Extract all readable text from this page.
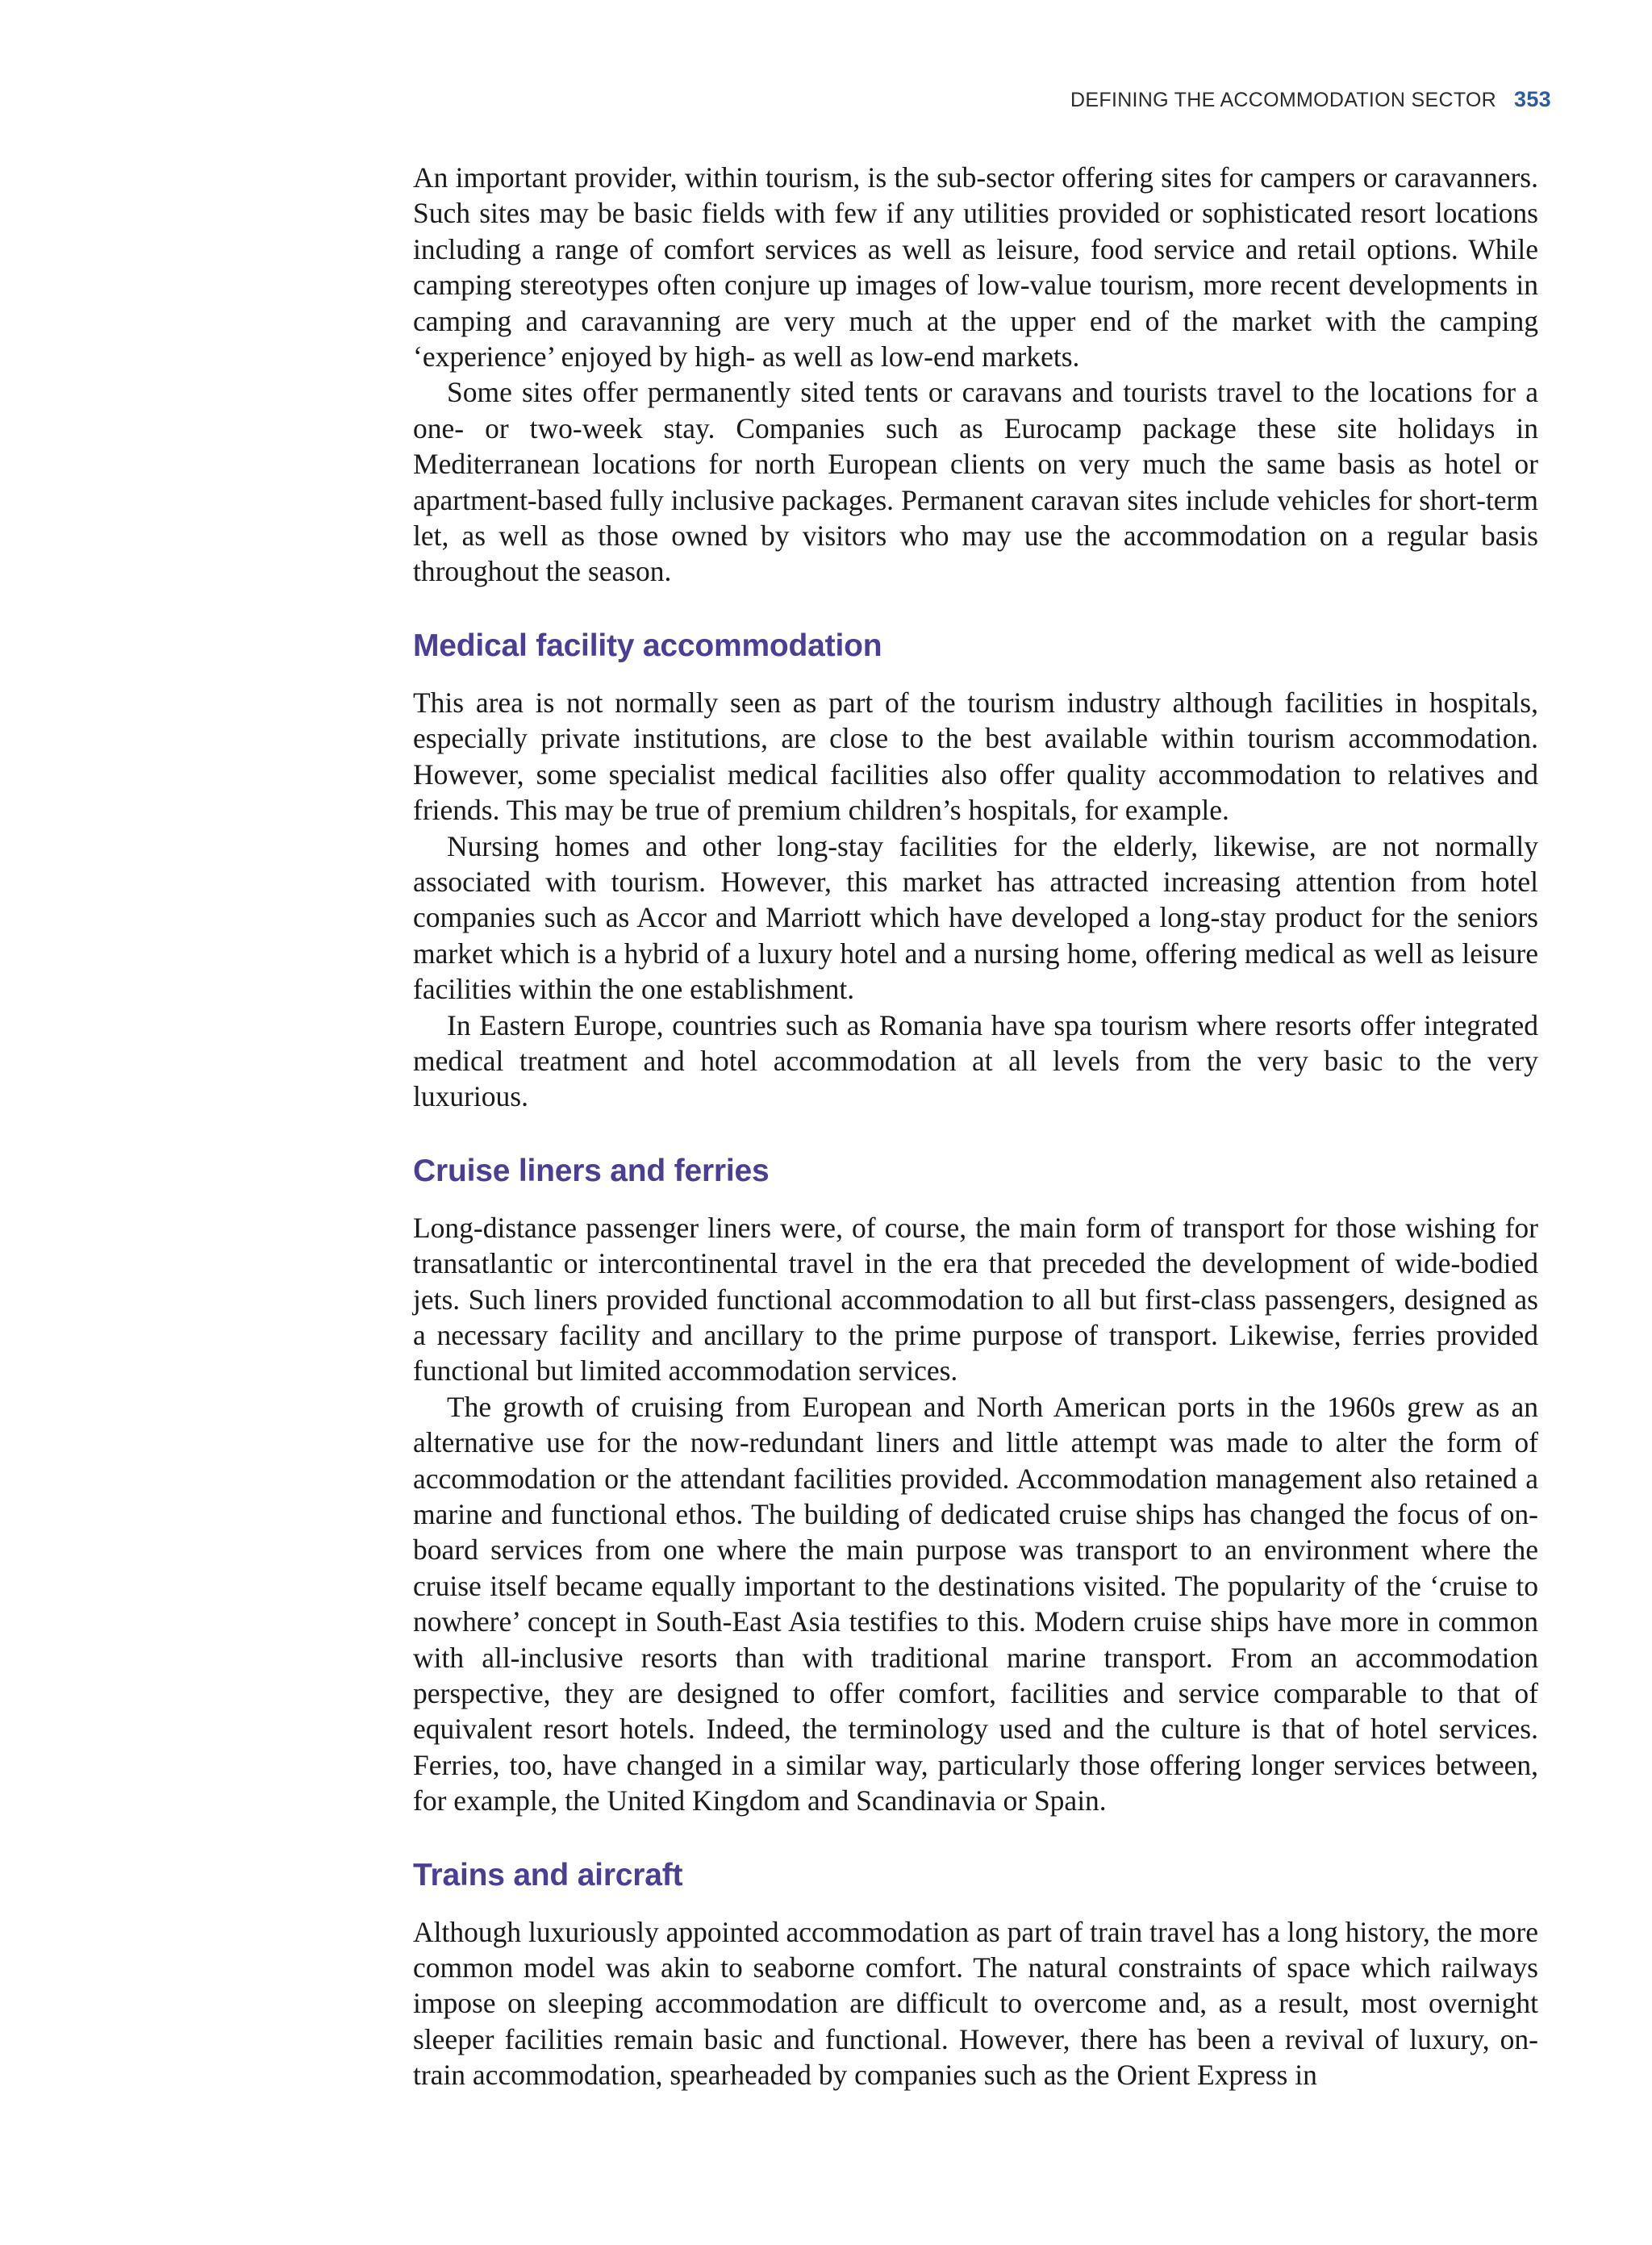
DEFINING THE ACCOMMODATION SECTOR 353

An important provider, within tourism, is the sub-sector offering sites for campers or caravanners. Such sites may be basic fields with few if any utilities provided or sophisticated resort locations including a range of comfort services as well as leisure, food service and retail options. While camping stereotypes often conjure up images of low-value tourism, more recent developments in camping and caravanning are very much at the upper end of the market with the camping ‘experience’ enjoyed by high- as well as low-end markets.

Some sites offer permanently sited tents or caravans and tourists travel to the locations for a one- or two-week stay. Companies such as Eurocamp package these site holidays in Mediterranean locations for north European clients on very much the same basis as hotel or apartment-based fully inclusive packages. Permanent caravan sites include vehicles for short-term let, as well as those owned by visitors who may use the accommodation on a regular basis throughout the season.

Medical facility accommodation

This area is not normally seen as part of the tourism industry although facilities in hospitals, especially private institutions, are close to the best available within tourism accommodation. However, some specialist medical facilities also offer quality accommodation to relatives and friends. This may be true of premium children’s hospitals, for example.

Nursing homes and other long-stay facilities for the elderly, likewise, are not normally associated with tourism. However, this market has attracted increasing attention from hotel companies such as Accor and Marriott which have developed a long-stay product for the seniors market which is a hybrid of a luxury hotel and a nursing home, offering medical as well as leisure facilities within the one establishment.

In Eastern Europe, countries such as Romania have spa tourism where resorts offer integrated medical treatment and hotel accommodation at all levels from the very basic to the very luxurious.

Cruise liners and ferries

Long-distance passenger liners were, of course, the main form of transport for those wishing for transatlantic or intercontinental travel in the era that preceded the development of wide-bodied jets. Such liners provided functional accommodation to all but first-class passengers, designed as a necessary facility and ancillary to the prime purpose of transport. Likewise, ferries provided functional but limited accommodation services.

The growth of cruising from European and North American ports in the 1960s grew as an alternative use for the now-redundant liners and little attempt was made to alter the form of accommodation or the attendant facilities provided. Accommodation management also retained a marine and functional ethos. The building of dedicated cruise ships has changed the focus of on-board services from one where the main purpose was transport to an environment where the cruise itself became equally important to the destinations visited. The popularity of the ‘cruise to nowhere’ concept in South-East Asia testifies to this. Modern cruise ships have more in common with all-inclusive resorts than with traditional marine transport. From an accommodation perspective, they are designed to offer comfort, facilities and service comparable to that of equivalent resort hotels. Indeed, the terminology used and the culture is that of hotel services. Ferries, too, have changed in a similar way, particularly those offering longer services between, for example, the United Kingdom and Scandinavia or Spain.

Trains and aircraft

Although luxuriously appointed accommodation as part of train travel has a long history, the more common model was akin to seaborne comfort. The natural constraints of space which railways impose on sleeping accommodation are difficult to overcome and, as a result, most overnight sleeper facilities remain basic and functional. However, there has been a revival of luxury, on-train accommodation, spearheaded by companies such as the Orient Express in
